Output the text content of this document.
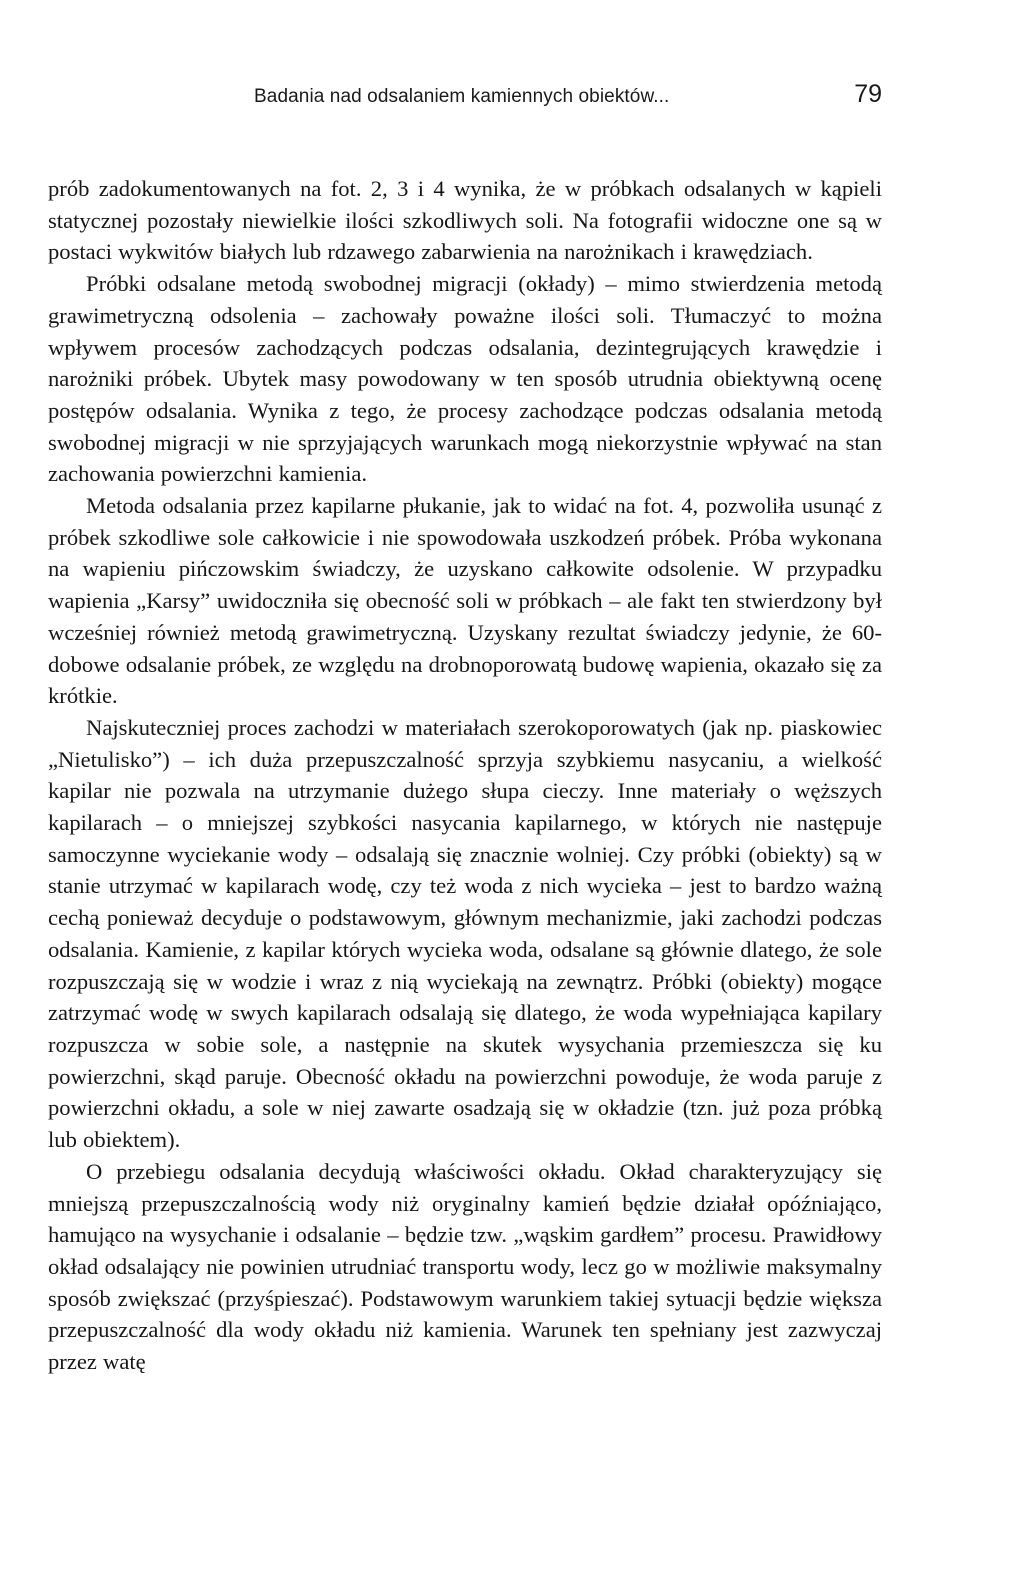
Badania nad odsalaniem kamiennych obiektów...	79

prób zadokumentowanych na fot. 2, 3 i 4 wynika, że w próbkach odsalanych w kąpieli statycznej pozostały niewielkie ilości szkodliwych soli. Na fotografii widoczne one są w postaci wykwitów białych lub rdzawego zabarwienia na narożnikach i krawędziach.

Próbki odsalane metodą swobodnej migracji (okłady) – mimo stwierdzenia metodą grawimetryczną odsolenia – zachowały poważne ilości soli. Tłumaczyć to można wpływem procesów zachodzących podczas odsalania, dezintegrujących krawędzie i narożniki próbek. Ubytek masy powodowany w ten sposób utrudnia obiektywną ocenę postępów odsalania. Wynika z tego, że procesy zachodzące podczas odsalania metodą swobodnej migracji w nie sprzyjających warunkach mogą niekorzystnie wpływać na stan zachowania powierzchni kamienia.

Metoda odsalania przez kapilarne płukanie, jak to widać na fot. 4, pozwoliła usunąć z próbek szkodliwe sole całkowicie i nie spowodowała uszkodzeń próbek. Próba wykonana na wapieniu pińczowskim świadczy, że uzyskano całkowite odsolenie. W przypadku wapienia „Karsy” uwidoczniła się obecność soli w próbkach – ale fakt ten stwierdzony był wcześniej również metodą grawimetryczną. Uzyskany rezultat świadczy jedynie, że 60-dobowe odsalanie próbek, ze względu na drobnoporowatą budowę wapienia, okazało się za krótkie.

Najskuteczniej proces zachodzi w materiałach szerokoporowatych (jak np. piaskowiec „Nietulisko”) – ich duża przepuszczalność sprzyja szybkiemu nasycaniu, a wielkość kapilar nie pozwala na utrzymanie dużego słupa cieczy. Inne materiały o węższych kapilarach – o mniejszej szybkości nasycania kapilarnego, w których nie następuje samoczynne wyciekanie wody – odsalają się znacznie wolniej. Czy próbki (obiekty) są w stanie utrzymać w kapilarach wodę, czy też woda z nich wycieka – jest to bardzo ważną cechą ponieważ decyduje o podstawowym, głównym mechanizmie, jaki zachodzi podczas odsalania. Kamienie, z kapilar których wycieka woda, odsalane są głównie dlatego, że sole rozpuszczają się w wodzie i wraz z nią wyciekają na zewnątrz. Próbki (obiekty) mogące zatrzymać wodę w swych kapilarach odsalają się dlatego, że woda wypełniająca kapilary rozpuszcza w sobie sole, a następnie na skutek wysychania przemieszcza się ku powierzchni, skąd paruje. Obecność okładu na powierzchni powoduje, że woda paruje z powierzchni okładu, a sole w niej zawarte osadzają się w okładzie (tzn. już poza próbką lub obiektem).

O przebiegu odsalania decydują właściwości okładu. Okład charakteryzujący się mniejszą przepuszczalnością wody niż oryginalny kamień będzie działał opóźniająco, hamująco na wysychanie i odsalanie – będzie tzw. „wąskim gardłem” procesu. Prawidłowy okład odsalający nie powinien utrudniać transportu wody, lecz go w możliwie maksymalny sposób zwiększać (przyśpieszać). Podstawowym warunkiem takiej sytuacji będzie większa przepuszczalność dla wody okładu niż kamienia. Warunek ten spełniany jest zazwyczaj przez watę
